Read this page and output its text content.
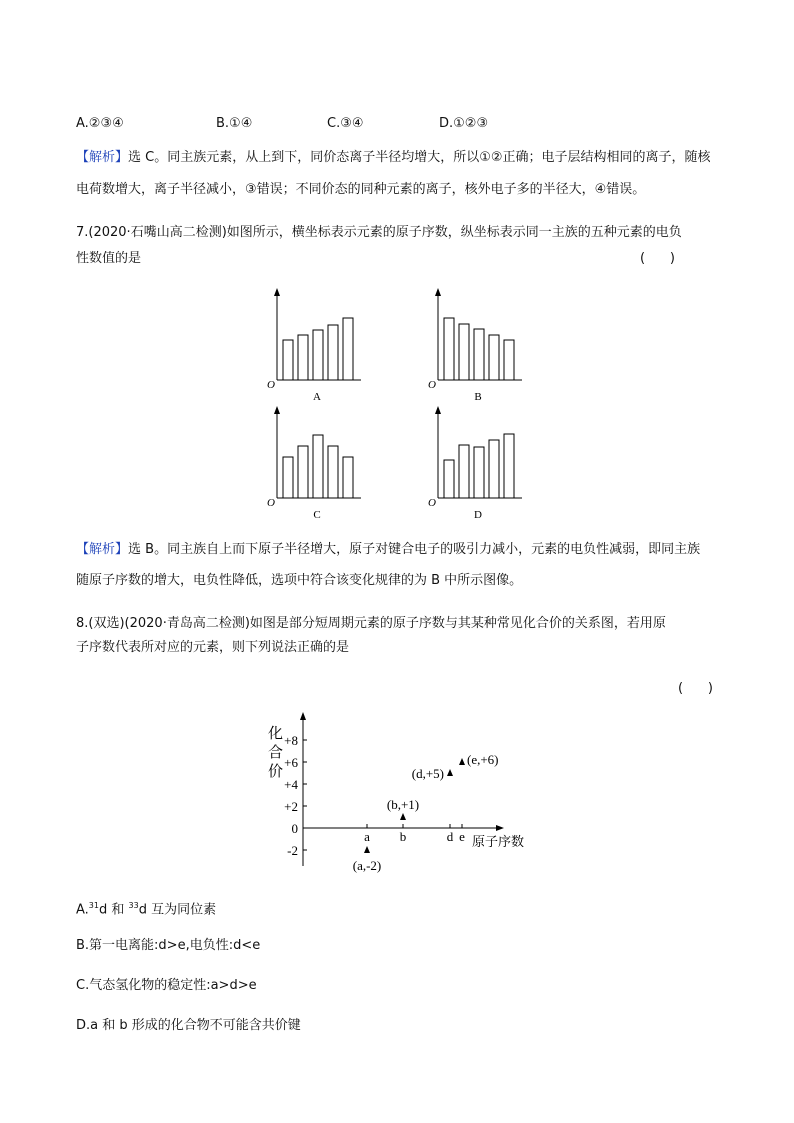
A.②③④	B.①④	C.③④	D.①②③
【解析】选 C。同主族元素，从上到下，同价态离子半径均增大，所以①②正确；电子层结构相同的离子，随核
电荷数增大，离子半径减小，③错误；不同价态的同种元素的离子，核外电子多的半径大，④错误。
7.(2020·石嘴山高二检测)如图所示，横坐标表示元素的原子序数，纵坐标表示同一主族的五种元素的电负
性数值的是	(      )
O
A
O
B
O
C
O
D
【解析】选 B。同主族自上而下原子半径增大，原子对键合电子的吸引力减小，元素的电负性减弱，即同主族
随原子序数的增大，电负性降低，选项中符合该变化规律的为 B 中所示图像。
8.(双选)(2020·青岛高二检测)如图是部分短周期元素的原子序数与其某种常见化合价的关系图，若用原
子序数代表所对应的元素，则下列说法正确的是
(      )
化
合
价
+8
+6
+4
+2
0
-2
a b	d e 原子序数
(a,-2)
(b,+1)
(d,+5)
(e,+6)
A.$^{31}$d 和 $^{33}$d 互为同位素
B.第一电离能:d>e,电负性:d<e
C.气态氢化物的稳定性:a>d>e
D.a 和 b 形成的化合物不可能含共价键
